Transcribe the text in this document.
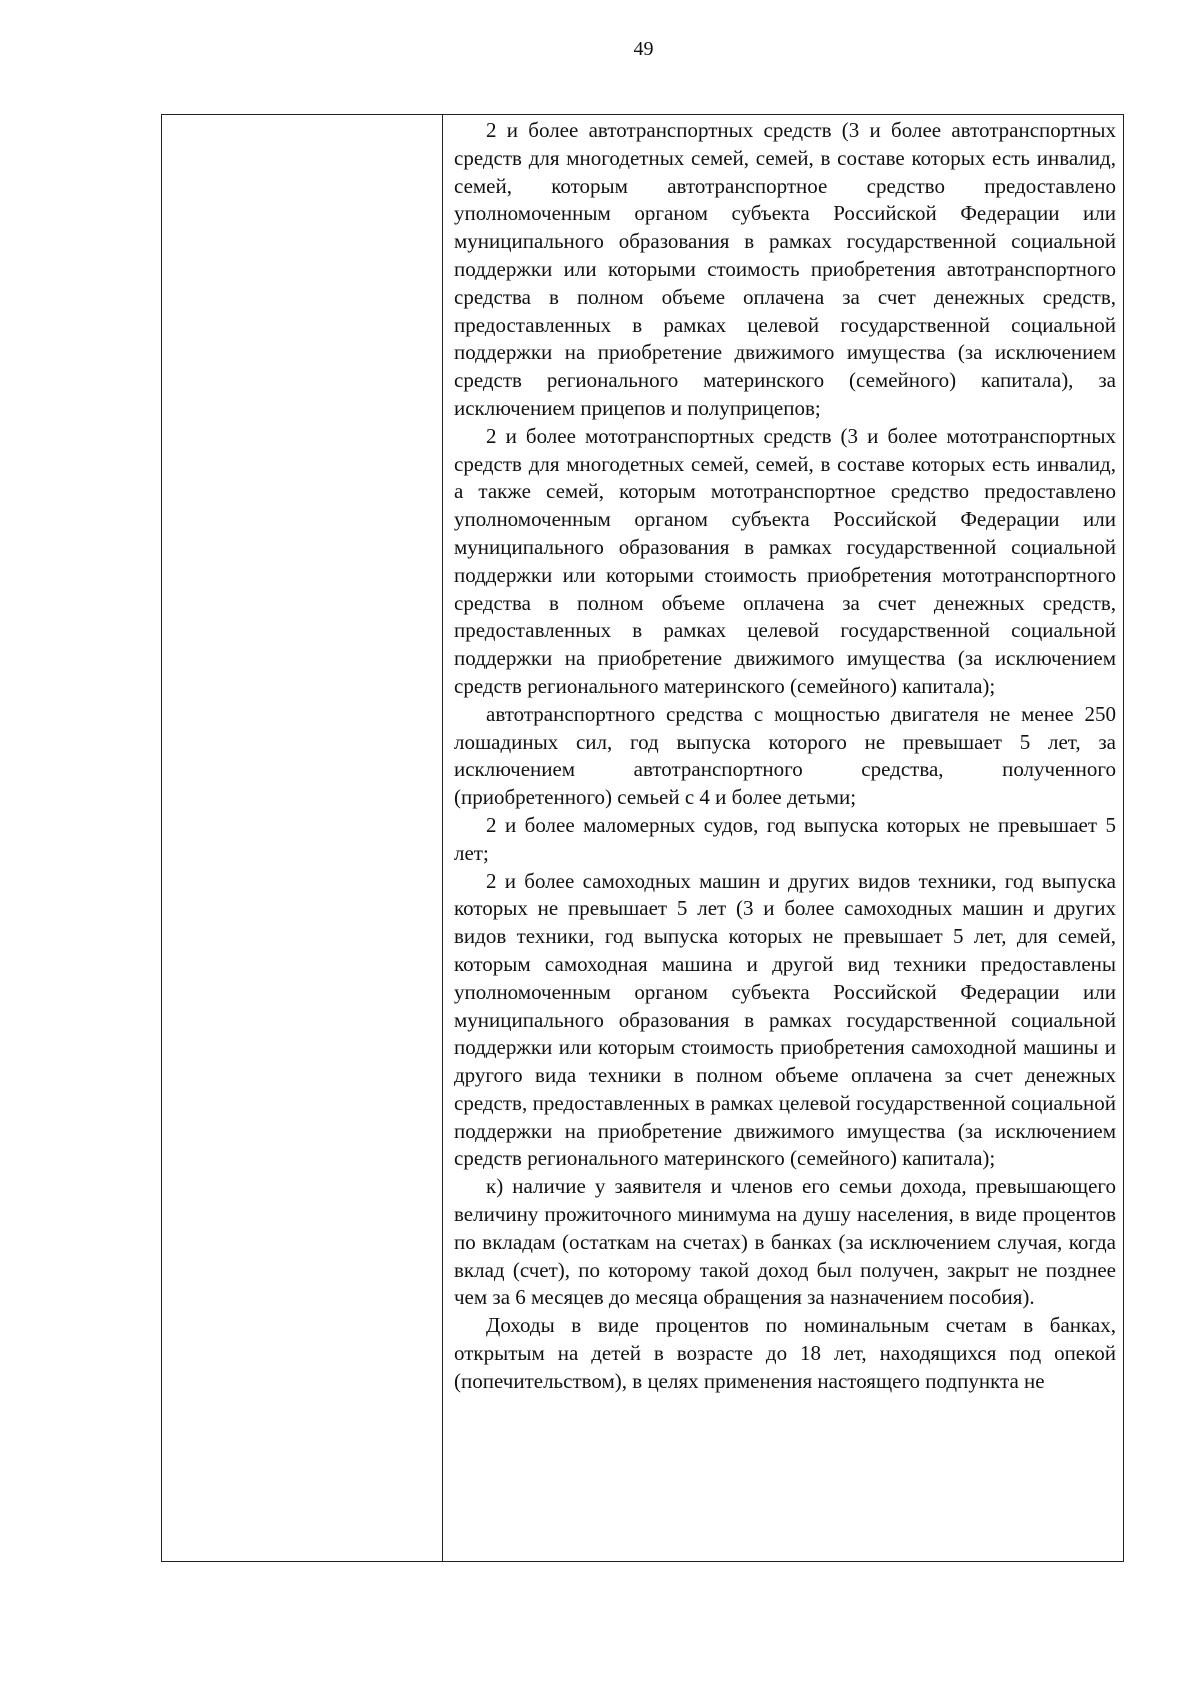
49

2 и более автотранспортных средств (3 и более автотранспортных средств для многодетных семей, семей, в составе которых есть инвалид, семей, которым автотранспортное средство предоставлено уполномоченным органом субъекта Российской Федерации или муниципального образования в рамках государственной социальной поддержки или которыми стоимость приобретения автотранспортного средства в полном объеме оплачена за счет денежных средств, предоставленных в рамках целевой государственной социальной поддержки на приобретение движимого имущества (за исключением средств регионального материнского (семейного) капитала), за исключением прицепов и полуприцепов;

2 и более мототранспортных средств (3 и более мототранспортных средств для многодетных семей, семей, в составе которых есть инвалид, а также семей, которым мототранспортное средство предоставлено уполномоченным органом субъекта Российской Федерации или муниципального образования в рамках государственной социальной поддержки или которыми стоимость приобретения мототранспортного средства в полном объеме оплачена за счет денежных средств, предоставленных в рамках целевой государственной социальной поддержки на приобретение движимого имущества (за исключением средств регионального материнского (семейного) капитала);

автотранспортного средства с мощностью двигателя не менее 250 лошадиных сил, год выпуска которого не превышает 5 лет, за исключением автотранспортного средства, полученного (приобретенного) семьей с 4 и более детьми;

2 и более маломерных судов, год выпуска которых не превышает 5 лет;

2 и более самоходных машин и других видов техники, год выпуска которых не превышает 5 лет (3 и более самоходных машин и других видов техники, год выпуска которых не превышает 5 лет, для семей, которым самоходная машина и другой вид техники предоставлены уполномоченным органом субъекта Российской Федерации или муниципального образования в рамках государственной социальной поддержки или которым стоимость приобретения самоходной машины и другого вида техники в полном объеме оплачена за счет денежных средств, предоставленных в рамках целевой государственной социальной поддержки на приобретение движимого имущества (за исключением средств регионального материнского (семейного) капитала);

к) наличие у заявителя и членов его семьи дохода, превышающего величину прожиточного минимума на душу населения, в виде процентов по вкладам (остаткам на счетах) в банках (за исключением случая, когда вклад (счет), по которому такой доход был получен, закрыт не позднее чем за 6 месяцев до месяца обращения за назначением пособия).

Доходы в виде процентов по номинальным счетам в банках, открытым на детей в возрасте до 18 лет, находящихся под опекой (попечительством), в целях применения настоящего подпункта не
